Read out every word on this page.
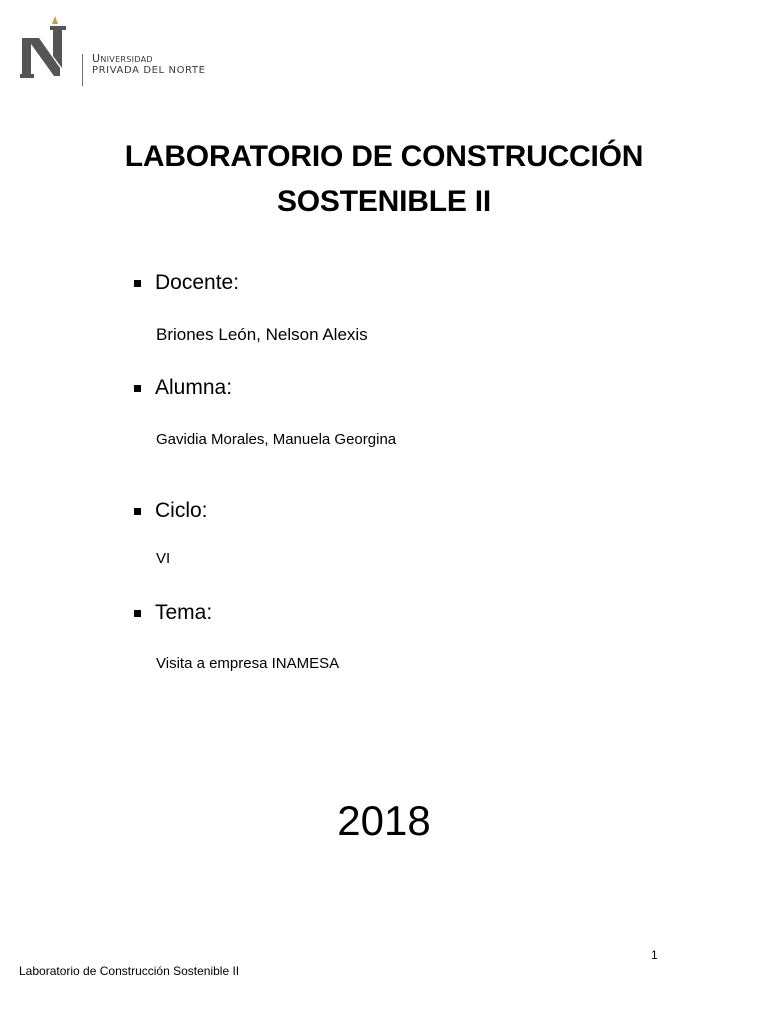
Universidad
PRIVADA DEL NORTE
LABORATORIO DE CONSTRUCCIÓN
SOSTENIBLE II
Docente:
Briones León, Nelson Alexis
Alumna:
Gavidia Morales, Manuela Georgina
Ciclo:
VI
Tema:
Visita a empresa INAMESA
2018
1
Laboratorio de Construcción Sostenible II
